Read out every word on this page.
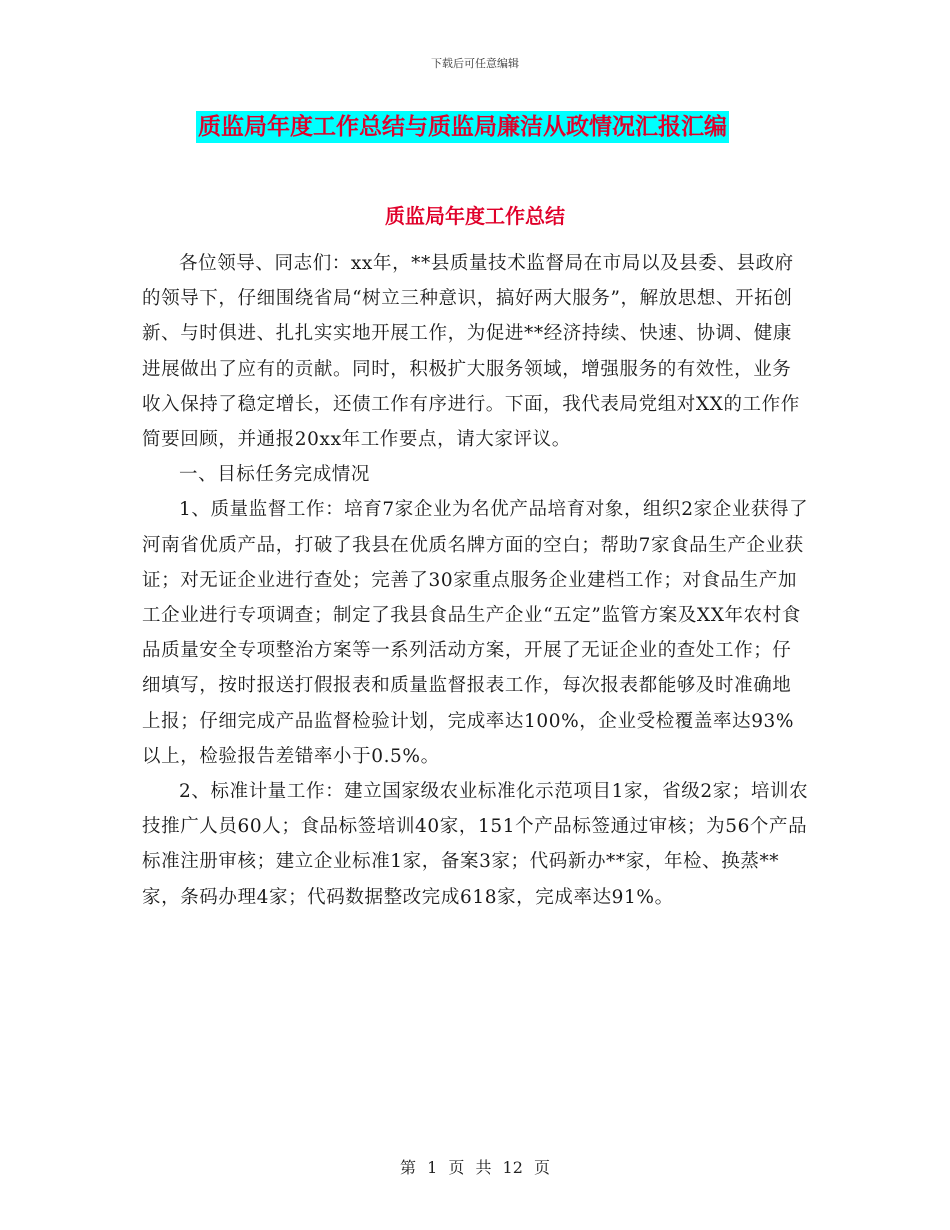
下载后可任意编辑
质监局年度工作总结与质监局廉洁从政情况汇报汇编
质监局年度工作总结

各位领导、同志们：xx年，**县质量技术监督局在市局以及县委、县政府的领导下，仔细围绕省局“树立三种意识，搞好两大服务”，解放思想、开拓创新、与时俱进、扎扎实实地开展工作，为促进**经济持续、快速、协调、健康进展做出了应有的贡献。同时，积极扩大服务领域，增强服务的有效性，业务收入保持了稳定增长，还债工作有序进行。下面，我代表局党组对XX的工作作简要回顾，并通报20xx年工作要点，请大家评议。

一、目标任务完成情况

1、质量监督工作：培育7家企业为名优产品培育对象，组织2家企业获得了河南省优质产品，打破了我县在优质名牌方面的空白；帮助7家食品生产企业获证；对无证企业进行查处；完善了30家重点服务企业建档工作；对食品生产加工企业进行专项调查；制定了我县食品生产企业“五定”监管方案及XX年农村食品质量安全专项整治方案等一系列活动方案，开展了无证企业的查处工作；仔细填写，按时报送打假报表和质量监督报表工作，每次报表都能够及时准确地上报；仔细完成产品监督检验计划，完成率达100%，企业受检覆盖率达93%以上，检验报告差错率小于0.5%。

2、标准计量工作：建立国家级农业标准化示范项目1家，省级2家；培训农技推广人员60人；食品标签培训40家，151个产品标签通过审核；为56个产品标准注册审核；建立企业标准1家，备案3家；代码新办**家，年检、换蒸**家，条码办理4家；代码数据整改完成618家，完成率达91%。

第 1 页 共 12 页
